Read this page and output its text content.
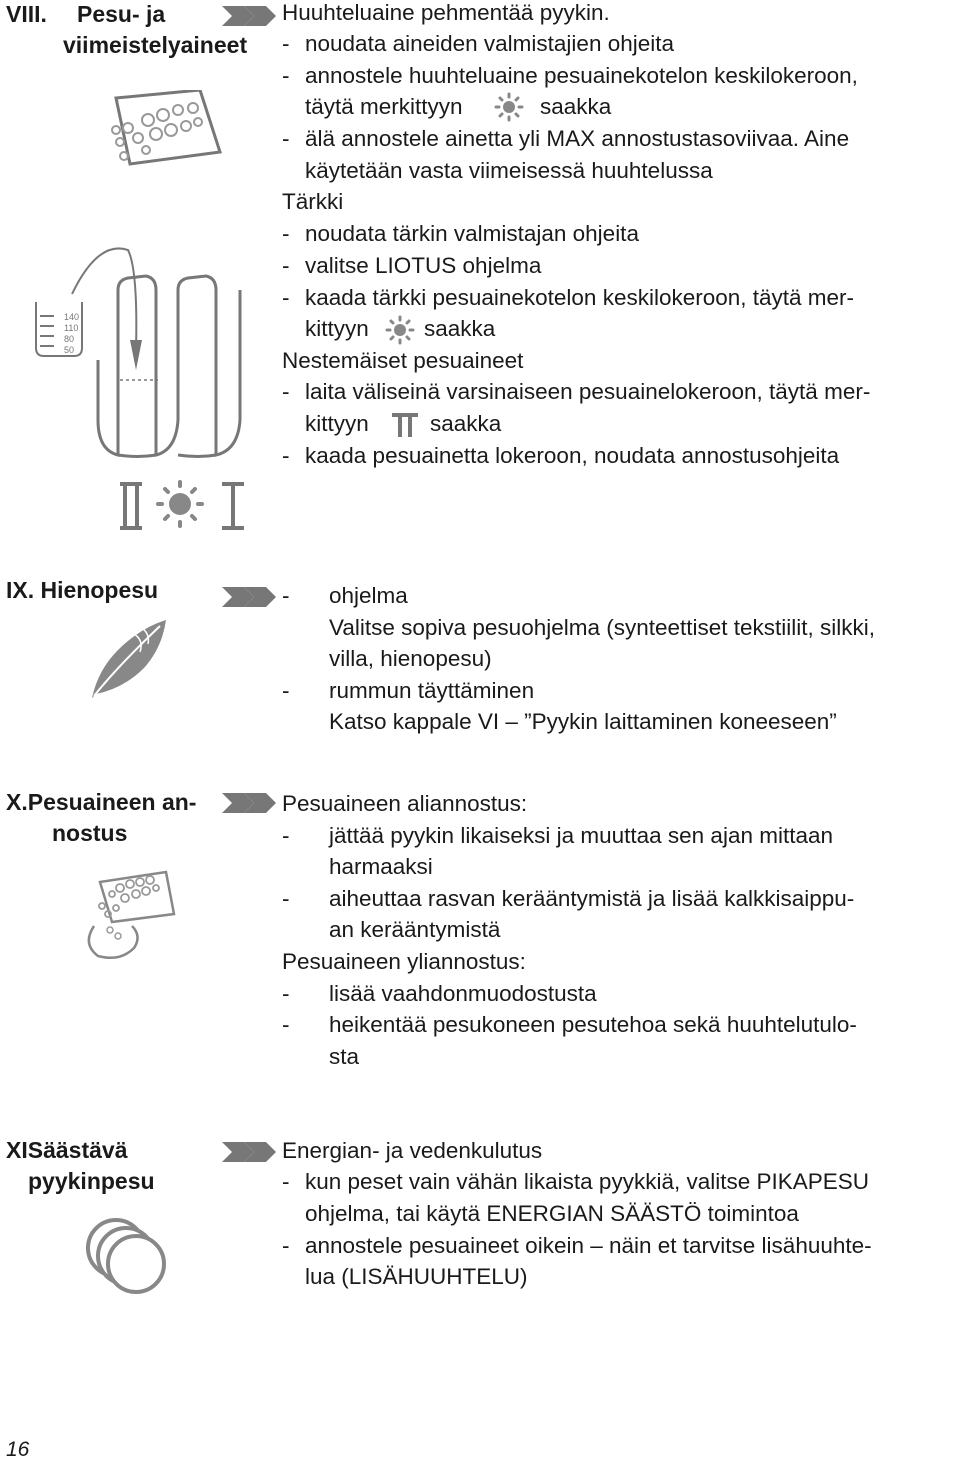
VIII. Pesu- ja
viimeistelyaineet
Huuhteluaine pehmentää pyykin.
- noudata aineiden valmistajien ohjeita
- annostele huuhteluaine pesuainekotelon keskilokeroon,
täytä merkittyyn	saakka
- älä annostele ainetta yli MAX annostustasoviivaa. Aine
käytetään vasta viimeisessä huuhtelussa
Tärkki
- noudata tärkin valmistajan ohjeita
- valitse LIOTUS ohjelma
- kaada tärkki pesuainekotelon keskilokeroon, täytä mer-
kittyyn saakka
Nestemäiset pesuaineet
- laita väliseinä varsinaiseen pesuainelokeroon, täytä mer-
kittyyn	saakka
- kaada pesuainetta lokeroon, noudata annostusohjeita
140
110
80
50
IX. Hienopesu	-	ohjelma
Valitse sopiva pesuohjelma (synteettiset tekstiilit, silkki,
villa, hienopesu)
-	rummun täyttäminen
Katso kappale VI – ”Pyykin laittaminen koneeseen”
X.Pesuaineen an-
nostus
Pesuaineen aliannostus:
-	jättää pyykin likaiseksi ja muuttaa sen ajan mittaan
harmaaksi
-	aiheuttaa rasvan kerääntymistä ja lisää kalkkisaippu-
an kerääntymistä
Pesuaineen yliannostus:
-	lisää vaahdonmuodostusta
-	heikentää pesukoneen pesutehoa sekä huuhtelutulo-
sta
XISäästävä
pyykinpesu
Energian- ja vedenkulutus
- kun peset vain vähän likaista pyykkiä, valitse PIKAPESU
ohjelma, tai käytä ENERGIAN SÄÄSTÖ toimintoa
- annostele pesuaineet oikein – näin et tarvitse lisähuuhte-
lua (LISÄHUUHTELU)
16
